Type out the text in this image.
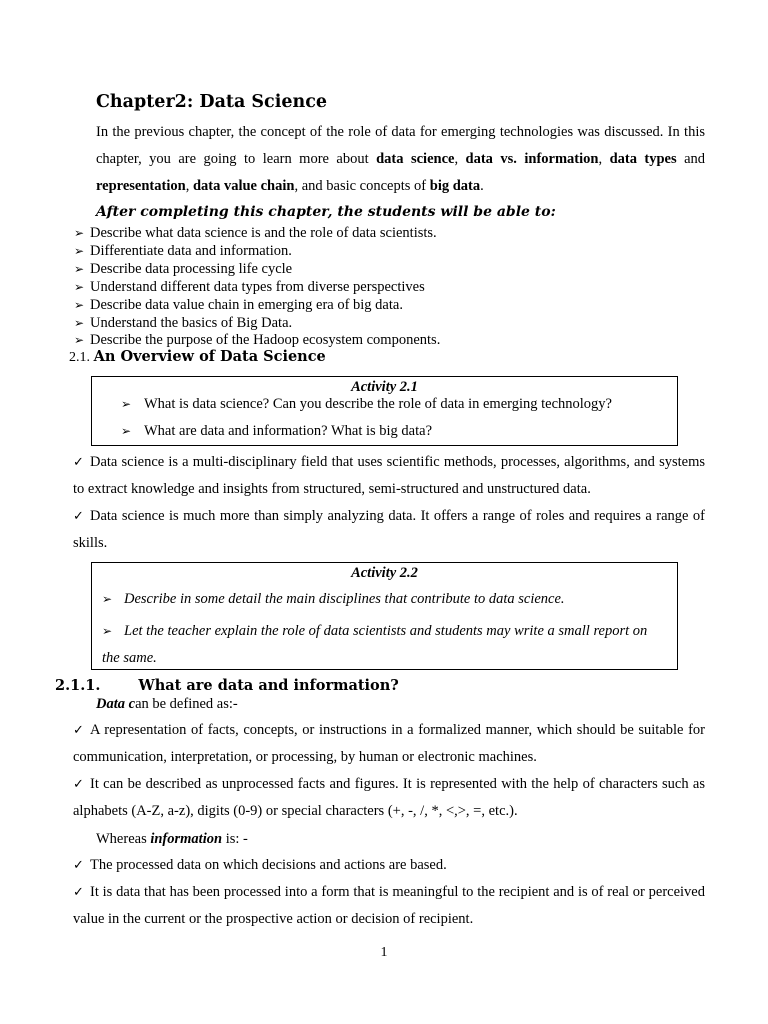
Chapter2: Data Science
In the previous chapter, the concept of the role of data for emerging technologies was discussed. In this chapter, you are going to learn more about data science, data vs. information, data types and representation, data value chain, and basic concepts of big data.
After completing this chapter, the students will be able to:
➢ Describe what data science is and the role of data scientists.
➢ Differentiate data and information.
➢ Describe data processing life cycle
➢ Understand different data types from diverse perspectives
➢ Describe data value chain in emerging era of big data.
➢ Understand the basics of Big Data.
➢ Describe the purpose of the Hadoop ecosystem components.
2.1. An Overview of Data Science
Activity 2.1
➢ What is data science? Can you describe the role of data in emerging technology?
➢ What are data and information? What is big data?
✓ Data science is a multi-disciplinary field that uses scientific methods, processes, algorithms, and systems to extract knowledge and insights from structured, semi-structured and unstructured data.
✓ Data science is much more than simply analyzing data. It offers a range of roles and requires a range of skills.
Activity 2.2
➢ Describe in some detail the main disciplines that contribute to data science.
➢ Let the teacher explain the role of data scientists and students may write a small report on the same.
2.1.1.	What are data and information?
Data can be defined as:-
✓ A representation of facts, concepts, or instructions in a formalized manner, which should be suitable for communication, interpretation, or processing, by human or electronic machines.
✓ It can be described as unprocessed facts and figures. It is represented with the help of characters such as alphabets (A-Z, a-z), digits (0-9) or special characters (+, -, /, *, <,>, =, etc.).
Whereas information is: -
✓ The processed data on which decisions and actions are based.
✓ It is data that has been processed into a form that is meaningful to the recipient and is of real or perceived value in the current or the prospective action or decision of recipient.
1
